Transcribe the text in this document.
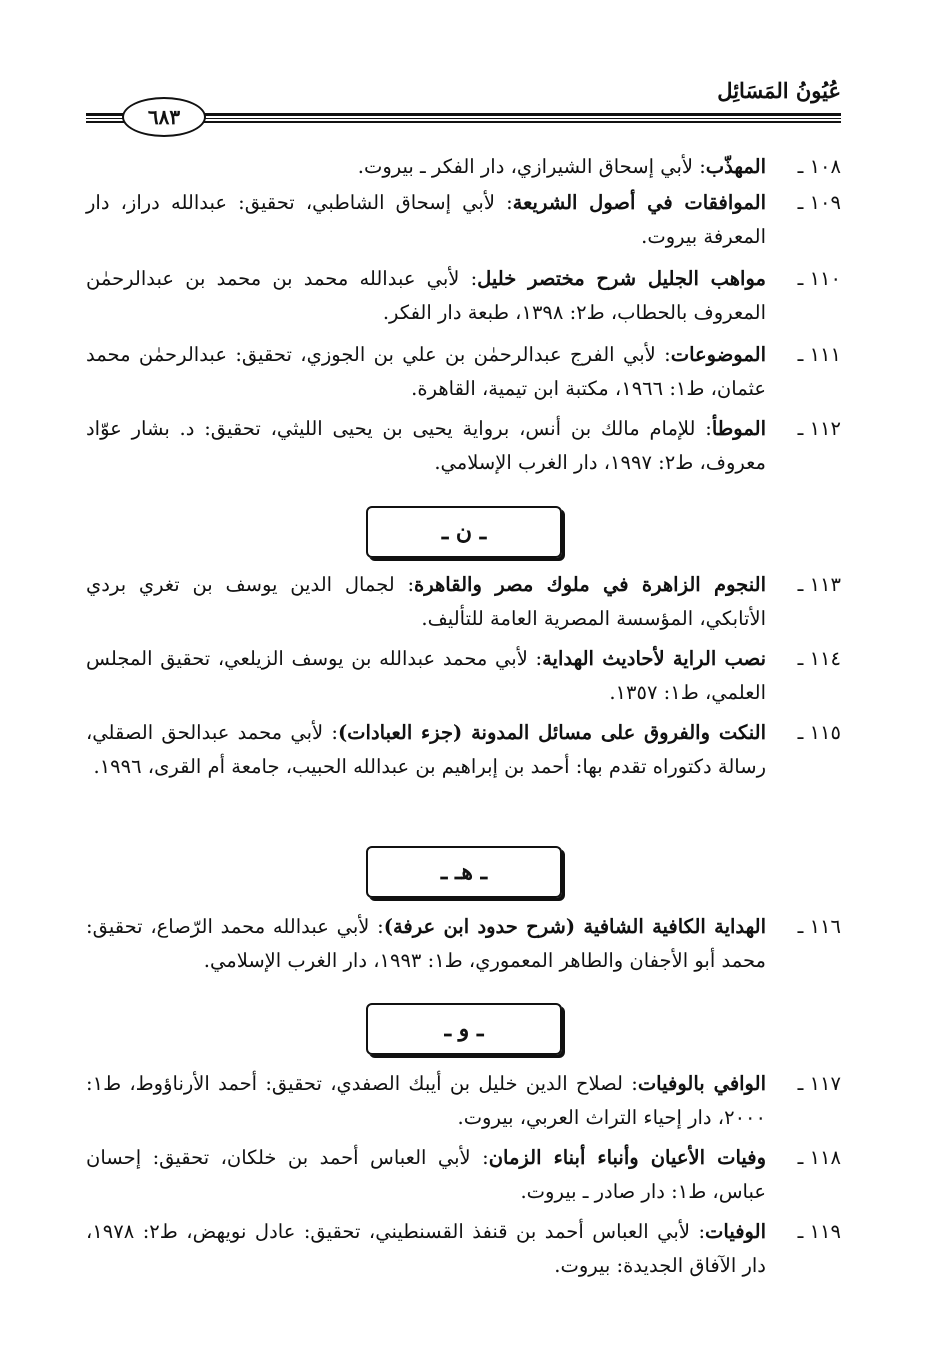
عُيُونُ المَسَائِل
٦٨٣
١٠٨ ـ
المهذّب: لأبي إسحاق الشيرازي، دار الفكر ـ بيروت.
١٠٩ ـ
الموافقات في أصول الشريعة: لأبي إسحاق الشاطبي، تحقيق: عبدالله دراز، دار المعرفة بيروت.
١١٠ ـ
مواهب الجليل شرح مختصر خليل: لأبي عبدالله محمد بن محمد بن عبدالرحمٰن المعروف بالحطاب، ط٢: ١٣٩٨، طبعة دار الفكر.
١١١ ـ
الموضوعات: لأبي الفرج عبدالرحمٰن بن علي بن الجوزي، تحقيق: عبدالرحمٰن محمد عثمان، ط١: ١٩٦٦، مكتبة ابن تيمية، القاهرة.
١١٢ ـ
الموطأ: للإمام مالك بن أنس، برواية يحيى بن يحيى الليثي، تحقيق: د. بشار عوّاد معروف، ط٢: ١٩٩٧، دار الغرب الإسلامي.
ـ ن ـ
١١٣ ـ
النجوم الزاهرة في ملوك مصر والقاهرة: لجمال الدين يوسف بن تغري بردي الأتابكي، المؤسسة المصرية العامة للتأليف.
١١٤ ـ
نصب الراية لأحاديث الهداية: لأبي محمد عبدالله بن يوسف الزيلعي، تحقيق المجلس العلمي، ط١: ١٣٥٧.
١١٥ ـ
النكت والفروق على مسائل المدونة (جزء العبادات): لأبي محمد عبدالحق الصقلي، رسالة دكتوراه تقدم بها: أحمد بن إبراهيم بن عبدالله الحبيب، جامعة أم القرى، ١٩٩٦.
ـ هـ ـ
١١٦ ـ
الهداية الكافية الشافية (شرح حدود ابن عرفة): لأبي عبدالله محمد الرّصاع، تحقيق: محمد أبو الأجفان والطاهر المعموري، ط١: ١٩٩٣، دار الغرب الإسلامي.
ـ و ـ
١١٧ ـ
الوافي بالوفيات: لصلاح الدين خليل بن أيبك الصفدي، تحقيق: أحمد الأرناؤوط، ط١: ٢٠٠٠، دار إحياء التراث العربي، بيروت.
١١٨ ـ
وفيات الأعيان وأنباء أبناء الزمان: لأبي العباس أحمد بن خلكان، تحقيق: إحسان عباس، ط١: دار صادر ـ بيروت.
١١٩ ـ
الوفيات: لأبي العباس أحمد بن قنفذ القسنطيني، تحقيق: عادل نويهض، ط٢: ١٩٧٨، دار الآفاق الجديدة: بيروت.
